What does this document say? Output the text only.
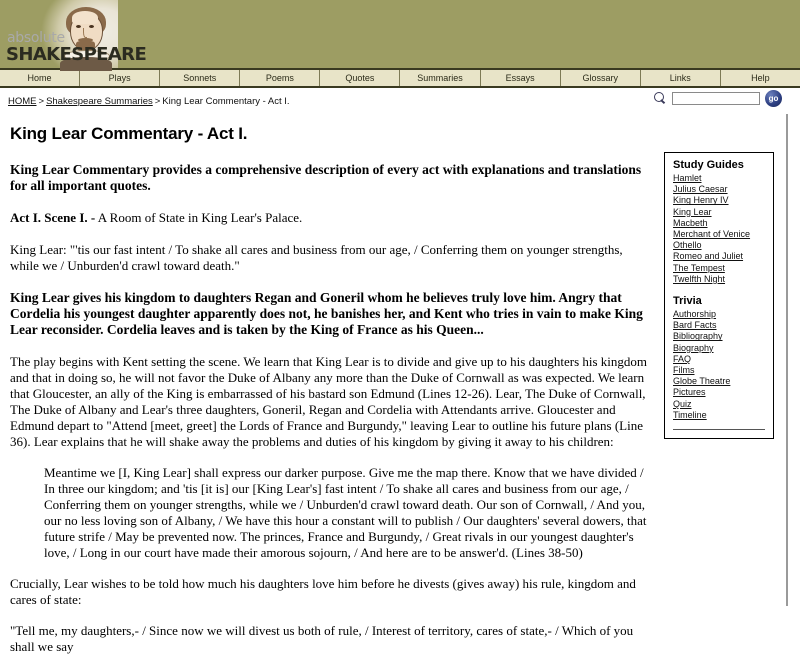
absolute
SHAKESPEARE
Home	Plays	Sonnets	Poems	Quotes	Summaries	Essays	Glossary	Links	Help
HOME > Shakespeare Summaries > King Lear Commentary - Act I.	go
King Lear Commentary - Act I.

King Lear Commentary provides a comprehensive description of every act with explanations and translations for all important quotes.

Act I. Scene I. - A Room of State in King Lear's Palace.

King Lear: "'tis our fast intent / To shake all cares and business from our age, / Conferring them on younger strengths, while we / Unburden'd crawl toward death."

King Lear gives his kingdom to daughters Regan and Goneril whom he believes truly love him. Angry that Cordelia his youngest daughter apparently does not, he banishes her, and Kent who tries in vain to make King Lear reconsider. Cordelia leaves and is taken by the King of France as his Queen...

The play begins with Kent setting the scene. We learn that King Lear is to divide and give up to his daughters his kingdom and that in doing so, he will not favor the Duke of Albany any more than the Duke of Cornwall as was expected. We learn that Gloucester, an ally of the King is embarrassed of his bastard son Edmund (Lines 12-26). Lear, The Duke of Cornwall, The Duke of Albany and Lear's three daughters, Goneril, Regan and Cordelia with Attendants arrive. Gloucester and Edmund depart to "Attend [meet, greet] the Lords of France and Burgundy," leaving Lear to outline his future plans (Line 36). Lear explains that he will shake away the problems and duties of his kingdom by giving it away to his children:

Meantime we [I, King Lear] shall express our darker purpose. Give me the map there. Know that we have divided / In three our kingdom; and 'tis [it is] our [King Lear's] fast intent / To shake all cares and business from our age, / Conferring them on younger strengths, while we / Unburden'd crawl toward death. Our son of Cornwall, / And you, our no less loving son of Albany, / We have this hour a constant will to publish / Our daughters' several dowers, that future strife / May be prevented now. The princes, France and Burgundy, / Great rivals in our youngest daughter's love, / Long in our court have made their amorous sojourn, / And here are to be answer'd. (Lines 38-50)

Crucially, Lear wishes to be told how much his daughters love him before he divests (gives away) his rule, kingdom and cares of state:

"Tell me, my daughters,- / Since now we will divest us both of rule, / Interest of territory, cares of state,- / Which of you shall we say

Study Guides
Hamlet
Julius Caesar
King Henry IV
King Lear
Macbeth
Merchant of Venice
Othello
Romeo and Juliet
The Tempest
Twelfth Night
Trivia
Authorship
Bard Facts
Bibliography
Biography
FAQ
Films
Globe Theatre
Pictures
Quiz
Timeline
